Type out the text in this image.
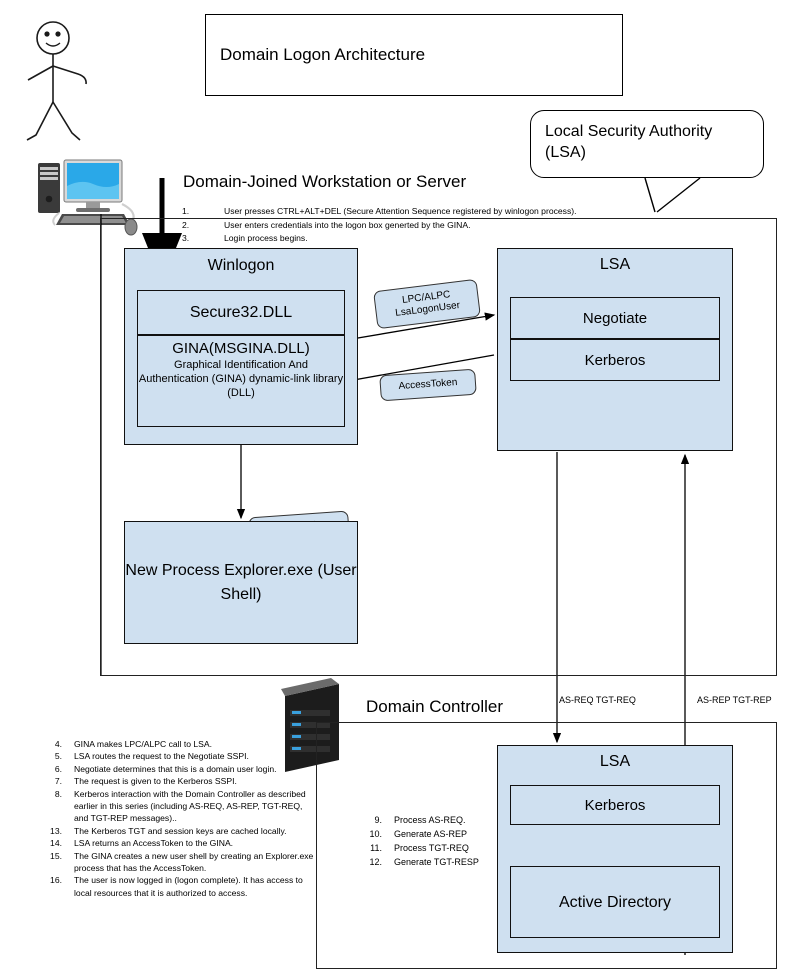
Domain Logon Architecture
Local Security Authority (LSA)
Domain-Joined Workstation or Server
1.	User presses CTRL+ALT+DEL (Secure Attention Sequence registered by winlogon process).
2.	User enters credentials into the logon box generted by the GINA.
3.	Login process begins.
Winlogon
Secure32.DLL
GINA(MSGINA.DLL)
Graphical Identification And Authentication (GINA) dynamic-link library (DLL)
LSA
Negotiate
Kerberos
LPC/ALPC LsaLogonUser
AccessToken
New Process Explorer.exe (User Shell)
AS-REQ TGT-REQ	AS-REP TGT-REP
Domain Controller
9.	Process AS-REQ.
10.	Generate AS-REP
11.	Process TGT-REQ
12.	Generate TGT-RESP
4.	GINA makes LPC/ALPC call to LSA.
5.	LSA routes the request to the Negotiate SSPI.
6.	Negotiate determines that this is a domain user login.
7.	The request is given to the Kerberos SSPI.
8.	Kerberos interaction with the Domain Controller as described earlier in this series (including AS-REQ, AS-REP, TGT-REQ, and TGT-REP messages)..
13.	The Kerberos TGT and session keys are cached locally.
14.	LSA returns an AccessToken to the GINA.
15.	The GINA creates a new user shell by creating an Explorer.exe process that has the AccessToken.
16.	The user is now logged in (logon complete). It has access to local resources that it is authorized to access.
LSA
Kerberos
Active Directory
